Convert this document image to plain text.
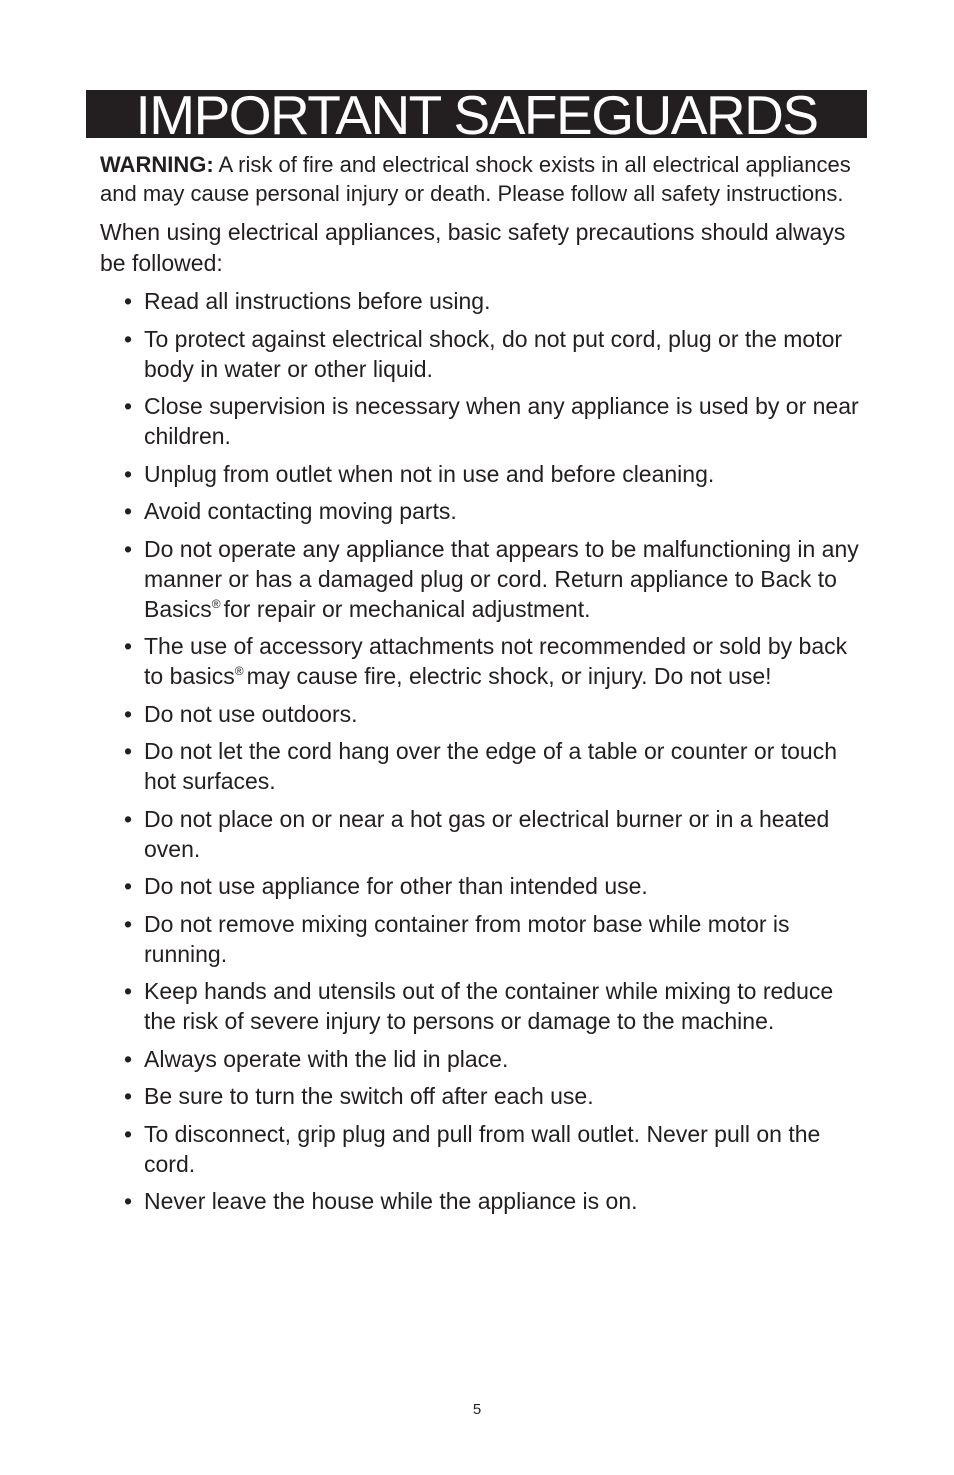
IMPORTANT SAFEGUARDS

WARNING: A risk of fire and electrical shock exists in all electrical appliances and may cause personal injury or death. Please follow all safety instructions.

When using electrical appliances, basic safety precautions should always be followed:

• Read all instructions before using.
• To protect against electrical shock, do not put cord, plug or the motor body in water or other liquid.
• Close supervision is necessary when any appliance is used by or near children.
• Unplug from outlet when not in use and before cleaning.
• Avoid contacting moving parts.
• Do not operate any appliance that appears to be malfunctioning in any manner or has a damaged plug or cord. Return appliance to Back to Basics® for repair or mechanical adjustment.
• The use of accessory attachments not recommended or sold by back to basics® may cause fire, electric shock, or injury. Do not use!
• Do not use outdoors.
• Do not let the cord hang over the edge of a table or counter or touch hot surfaces.
• Do not place on or near a hot gas or electrical burner or in a heated oven.
• Do not use appliance for other than intended use.
• Do not remove mixing container from motor base while motor is running.
• Keep hands and utensils out of the container while mixing to reduce the risk of severe injury to persons or damage to the machine.
• Always operate with the lid in place.
• Be sure to turn the switch off after each use.
• To disconnect, grip plug and pull from wall outlet. Never pull on the cord.
• Never leave the house while the appliance is on.
5
